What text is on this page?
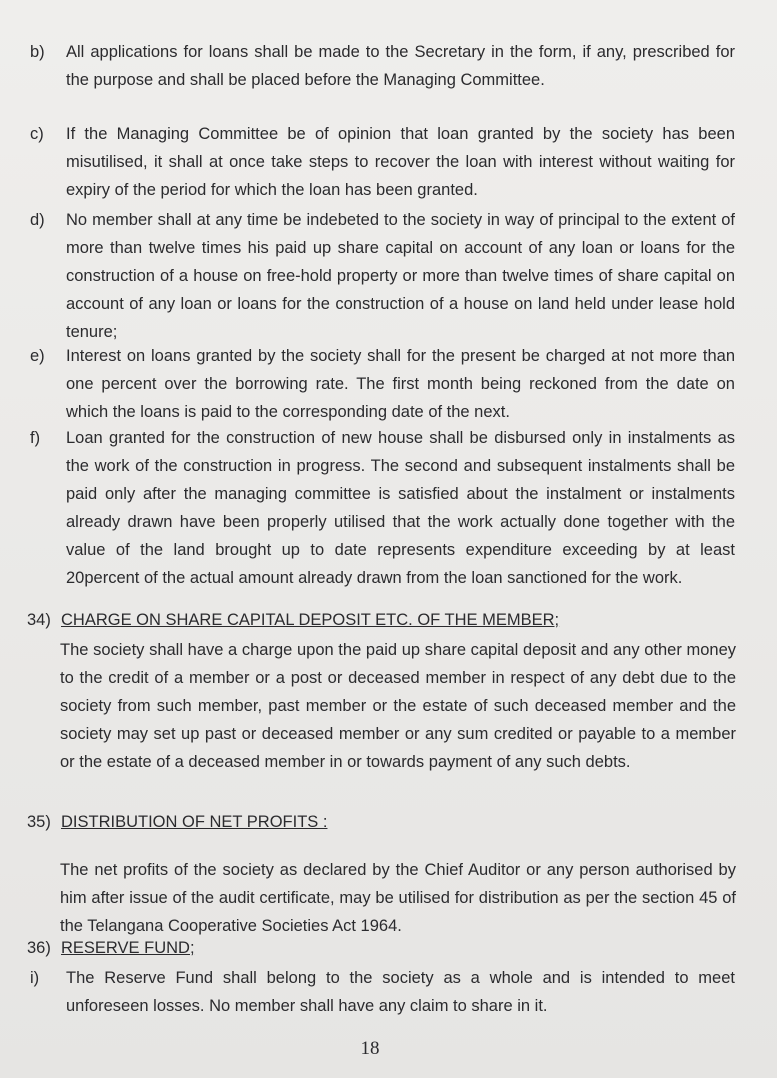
b)	All applications for loans shall be made to the Secretary in the form, if any, prescribed for the purpose and shall be placed before the Managing Committee.
c)	If the Managing Committee be of opinion that loan granted by the society has been misutilised, it shall at once take steps to recover the loan with interest without waiting for expiry of the period for which the loan has been granted.
d)	No member shall at any time be indebeted to the society in way of principal to the extent of more than twelve times his paid up share capital on account of any loan or loans for the construction of a house on free-hold property or more than twelve times of share capital on account of any loan or loans for the construction of a house on land held under lease hold tenure;
e)	Interest on loans granted by the society shall for the present be charged at not more than one percent over the borrowing rate. The first month being reckoned from the date on which the loans is paid to the corresponding date of the next.
f)	Loan granted for the construction of new house shall be disbursed only in instalments as the work of the construction in progress. The second and subsequent instalments shall be paid only after the managing committee is satisfied about the instalment or instalments already drawn have been properly utilised that the work actually done together with the value of the land brought up to date represents expenditure exceeding by at least 20percent of the actual amount already drawn from the loan sanctioned for the work.
34) CHARGE ON SHARE CAPITAL DEPOSIT ETC. OF THE MEMBER;
The society shall have a charge upon the paid up share capital deposit and any other money to the credit of a member or a post or deceased member in respect of any debt due to the society from such member, past member or the estate of such deceased member and the society may set up past or deceased member or any sum credited or payable to a member or the estate of a deceased member in or towards payment of any such debts.
35) DISTRIBUTION OF NET PROFITS :
The net profits of the society as declared by the Chief Auditor or any person authorised by him after issue of the audit certificate, may be utilised for distribution as per the section 45 of the Telangana Cooperative Societies Act 1964.
36) RESERVE FUND;
i)	The Reserve Fund shall belong to the society as a whole and is intended to meet unforeseen losses. No member shall have any claim to share in it.
18
